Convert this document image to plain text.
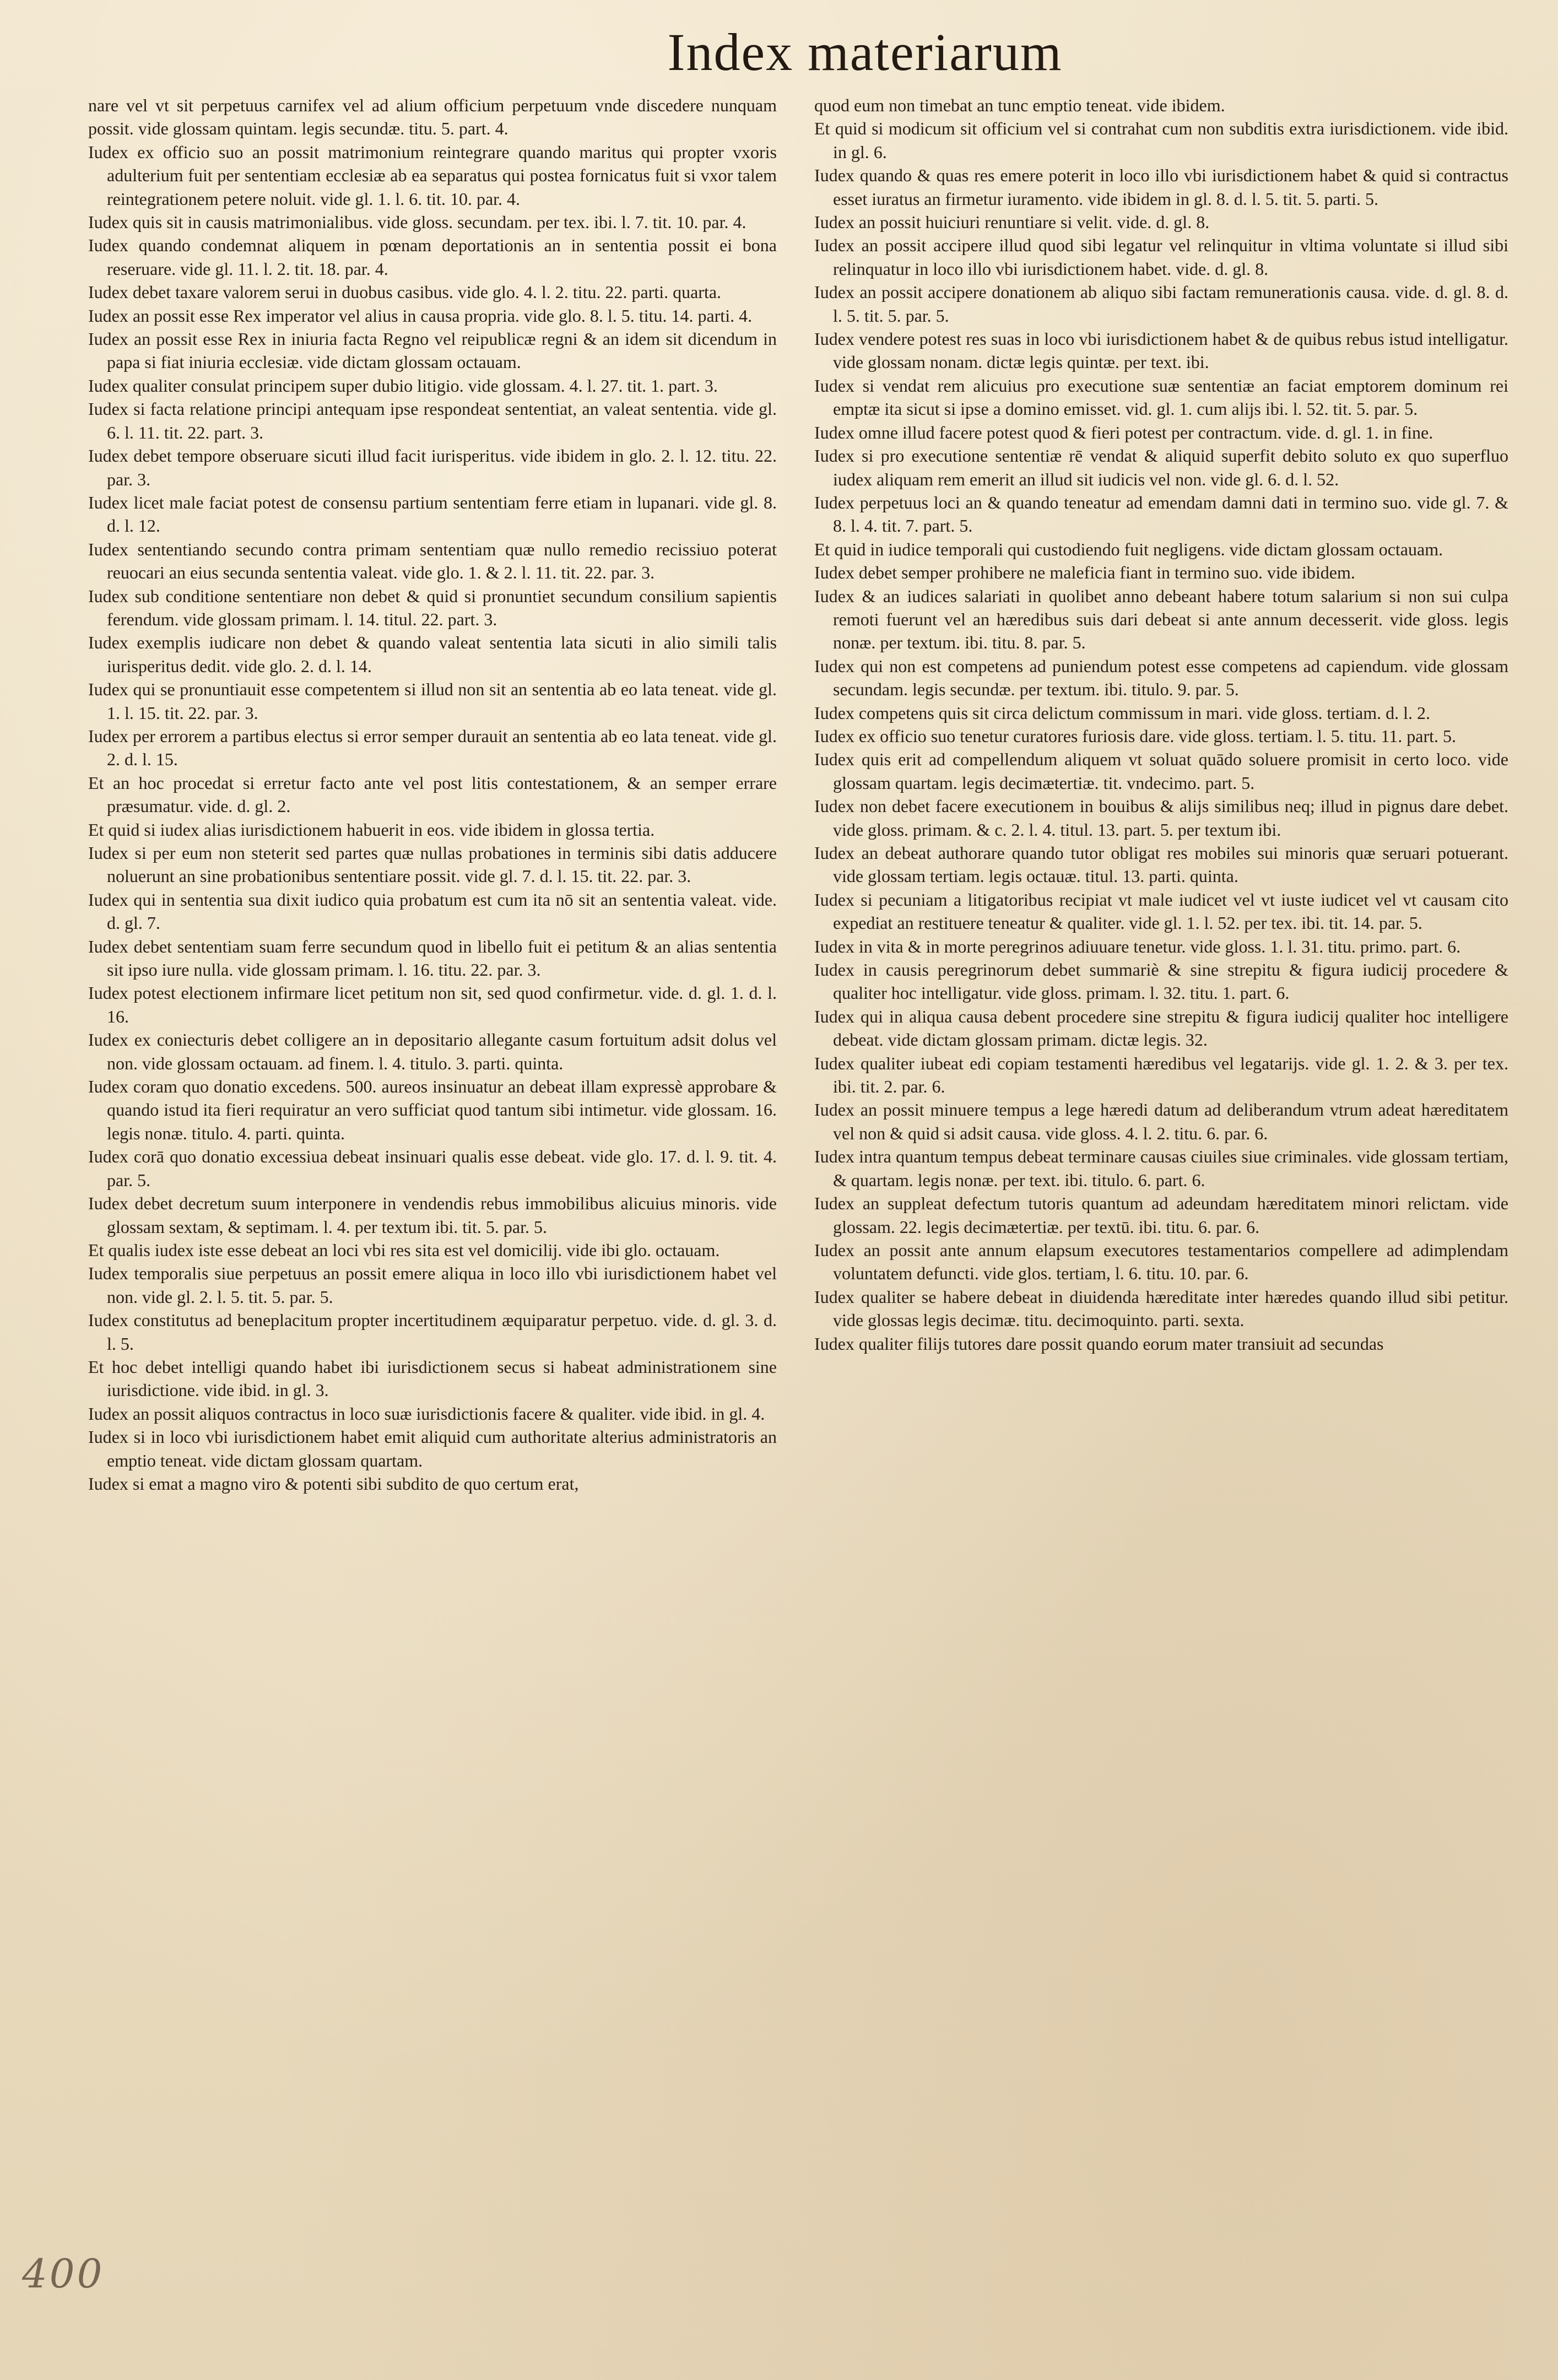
Index materiarum

nare vel vt sit perpetuus carnifex vel ad alium officium perpetuum vnde discedere nunquam possit. vide glossam quintam. legis secundæ. titu. 5. part. 4.

Iudex ex officio suo an possit matrimonium reintegrare quando maritus qui propter vxoris adulterium fuit per sententiam ecclesiæ ab ea separatus qui postea fornicatus fuit si vxor talem reintegrationem petere noluit. vide gl. 1. l. 6. tit. 10. par. 4.

Iudex quis sit in causis matrimonialibus. vide gloss. secundam. per tex. ibi. l. 7. tit. 10. par. 4.

Iudex quando condemnat aliquem in pœnam deportationis an in sententia possit ei bona reseruare. vide gl. 11. l. 2. tit. 18. par. 4.

Iudex debet taxare valorem serui in duobus casibus. vide glo. 4. l. 2. titu. 22. parti. quarta.

Iudex an possit esse Rex imperator vel alius in causa propria. vide glo. 8. l. 5. titu. 14. parti. 4.

Iudex an possit esse Rex in iniuria facta Regno vel reipublicæ regni & an idem sit dicendum in papa si fiat iniuria ecclesiæ. vide dictam glossam octauam.

Iudex qualiter consulat principem super dubio litigio. vide glossam. 4. l. 27. tit. 1. part. 3.

Iudex si facta relatione principi antequam ipse respondeat sententiat, an valeat sententia. vide gl. 6. l. 11. tit. 22. part. 3.

Iudex debet tempore obseruare sicuti illud facit iurisperitus. vide ibidem in glo. 2. l. 12. titu. 22. par. 3.

Iudex licet male faciat potest de consensu partium sententiam ferre etiam in lupanari. vide gl. 8. d. l. 12.

Iudex sententiando secundo contra primam sententiam quæ nullo remedio recissiuo poterat reuocari an eius secunda sententia valeat. vide glo. 1. & 2. l. 11. tit. 22. par. 3.

Iudex sub conditione sententiare non debet & quid si pronuntiet secundum consilium sapientis ferendum. vide glossam primam. l. 14. titul. 22. part. 3.

Iudex exemplis iudicare non debet & quando valeat sententia lata sicuti in alio simili talis iurisperitus dedit. vide glo. 2. d. l. 14.

Iudex qui se pronuntiauit esse competentem si illud non sit an sententia ab eo lata teneat. vide gl. 1. l. 15. tit. 22. par. 3.

Iudex per errorem a partibus electus si error semper durauit an sententia ab eo lata teneat. vide gl. 2. d. l. 15.

Et an hoc procedat si erretur facto ante vel post litis contestationem, & an semper errare præsumatur. vide. d. gl. 2.

Et quid si iudex alias iurisdictionem habuerit in eos. vide ibidem in glossa tertia.

Iudex si per eum non steterit sed partes quæ nullas probationes in terminis sibi datis adducere noluerunt an sine probationibus sententiare possit. vide gl. 7. d. l. 15. tit. 22. par. 3.

Iudex qui in sententia sua dixit iudico quia probatum est cum ita nō sit an sententia valeat. vide. d. gl. 7.

Iudex debet sententiam suam ferre secundum quod in libello fuit ei petitum & an alias sententia sit ipso iure nulla. vide glossam primam. l. 16. titu. 22. par. 3.

Iudex potest electionem infirmare licet petitum non sit, sed quod confirmetur. vide. d. gl. 1. d. l. 16.

Iudex ex coniecturis debet colligere an in depositario allegante casum fortuitum adsit dolus vel non. vide glossam octauam. ad finem. l. 4. titulo. 3. parti. quinta.

Iudex coram quo donatio excedens. 500. aureos insinuatur an debeat illam expressè approbare & quando istud ita fieri requiratur an vero sufficiat quod tantum sibi intimetur. vide glossam. 16. legis nonæ. titulo. 4. parti. quinta.

Iudex corā quo donatio excessiua debeat insinuari qualis esse debeat. vide glo. 17. d. l. 9. tit. 4. par. 5.

Iudex debet decretum suum interponere in vendendis rebus immobilibus alicuius minoris. vide glossam sextam, & septimam. l. 4. per textum ibi. tit. 5. par. 5.

Et qualis iudex iste esse debeat an loci vbi res sita est vel domicilij. vide ibi glo. octauam.

Iudex temporalis siue perpetuus an possit emere aliqua in loco illo vbi iurisdictionem habet vel non. vide gl. 2. l. 5. tit. 5. par. 5.

Iudex constitutus ad beneplacitum propter incertitudinem æquiparatur perpetuo. vide. d. gl. 3. d. l. 5.

Et hoc debet intelligi quando habet ibi iurisdictionem secus si habeat administrationem sine iurisdictione. vide ibid. in gl. 3.

Iudex an possit aliquos contractus in loco suæ iurisdictionis facere & qualiter. vide ibid. in gl. 4.

Iudex si in loco vbi iurisdictionem habet emit aliquid cum authoritate alterius administratoris an emptio teneat. vide dictam glossam quartam.

Iudex si emat a magno viro & potenti sibi subdito de quo certum erat,

quod eum non timebat an tunc emptio teneat. vide ibidem.

Et quid si modicum sit officium vel si contrahat cum non subditis extra iurisdictionem. vide ibid. in gl. 6.

Iudex quando & quas res emere poterit in loco illo vbi iurisdictionem habet & quid si contractus esset iuratus an firmetur iuramento. vide ibidem in gl. 8. d. l. 5. tit. 5. parti. 5.

Iudex an possit huiciuri renuntiare si velit. vide. d. gl. 8.

Iudex an possit accipere illud quod sibi legatur vel relinquitur in vltima voluntate si illud sibi relinquatur in loco illo vbi iurisdictionem habet. vide. d. gl. 8.

Iudex an possit accipere donationem ab aliquo sibi factam remunerationis causa. vide. d. gl. 8. d. l. 5. tit. 5. par. 5.

Iudex vendere potest res suas in loco vbi iurisdictionem habet & de quibus rebus istud intelligatur. vide glossam nonam. dictæ legis quintæ. per text. ibi.

Iudex si vendat rem alicuius pro executione suæ sententiæ an faciat emptorem dominum rei emptæ ita sicut si ipse a domino emisset. vid. gl. 1. cum alijs ibi. l. 52. tit. 5. par. 5.

Iudex omne illud facere potest quod & fieri potest per contractum. vide. d. gl. 1. in fine.

Iudex si pro executione sententiæ rē vendat & aliquid superfit debito soluto ex quo superfluo iudex aliquam rem emerit an illud sit iudicis vel non. vide gl. 6. d. l. 52.

Iudex perpetuus loci an & quando teneatur ad emendam damni dati in termino suo. vide gl. 7. & 8. l. 4. tit. 7. part. 5.

Et quid in iudice temporali qui custodiendo fuit negligens. vide dictam glossam octauam.

Iudex debet semper prohibere ne maleficia fiant in termino suo. vide ibidem.

Iudex & an iudices salariati in quolibet anno debeant habere totum salarium si non sui culpa remoti fuerunt vel an hæredibus suis dari debeat si ante annum decesserit. vide gloss. legis nonæ. per textum. ibi. titu. 8. par. 5.

Iudex qui non est competens ad puniendum potest esse competens ad capiendum. vide glossam secundam. legis secundæ. per textum. ibi. titulo. 9. par. 5.

Iudex competens quis sit circa delictum commissum in mari. vide gloss. tertiam. d. l. 2.

Iudex ex officio suo tenetur curatores furiosis dare. vide gloss. tertiam. l. 5. titu. 11. part. 5.

Iudex quis erit ad compellendum aliquem vt soluat quādo soluere promisit in certo loco. vide glossam quartam. legis decimætertiæ. tit. vndecimo. part. 5.

Iudex non debet facere executionem in bouibus & alijs similibus neq; illud in pignus dare debet. vide gloss. primam. & c. 2. l. 4. titul. 13. part. 5. per textum ibi.

Iudex an debeat authorare quando tutor obligat res mobiles sui minoris quæ seruari potuerant. vide glossam tertiam. legis octauæ. titul. 13. parti. quinta.

Iudex si pecuniam a litigatoribus recipiat vt male iudicet vel vt iuste iudicet vel vt causam cito expediat an restituere teneatur & qualiter. vide gl. 1. l. 52. per tex. ibi. tit. 14. par. 5.

Iudex in vita & in morte peregrinos adiuuare tenetur. vide gloss. 1. l. 31. titu. primo. part. 6.

Iudex in causis peregrinorum debet summariè & sine strepitu & figura iudicij procedere & qualiter hoc intelligatur. vide gloss. primam. l. 32. titu. 1. part. 6.

Iudex qui in aliqua causa debent procedere sine strepitu & figura iudicij qualiter hoc intelligere debeat. vide dictam glossam primam. dictæ legis. 32.

Iudex qualiter iubeat edi copiam testamenti hæredibus vel legatarijs. vide gl. 1. 2. & 3. per tex. ibi. tit. 2. par. 6.

Iudex an possit minuere tempus a lege hæredi datum ad deliberandum vtrum adeat hæreditatem vel non & quid si adsit causa. vide gloss. 4. l. 2. titu. 6. par. 6.

Iudex intra quantum tempus debeat terminare causas ciuiles siue criminales. vide glossam tertiam, & quartam. legis nonæ. per text. ibi. titulo. 6. part. 6.

Iudex an suppleat defectum tutoris quantum ad adeundam hæreditatem minori relictam. vide glossam. 22. legis decimætertiæ. per textū. ibi. titu. 6. par. 6.

Iudex an possit ante annum elapsum executores testamentarios compellere ad adimplendam voluntatem defuncti. vide glos. tertiam, l. 6. titu. 10. par. 6.

Iudex qualiter se habere debeat in diuidenda hæreditate inter hæredes quando illud sibi petitur. vide glossas legis decimæ. titu. decimoquinto. parti. sexta.

Iudex qualiter filijs tutores dare possit quando eorum mater transiuit ad secundas

400
